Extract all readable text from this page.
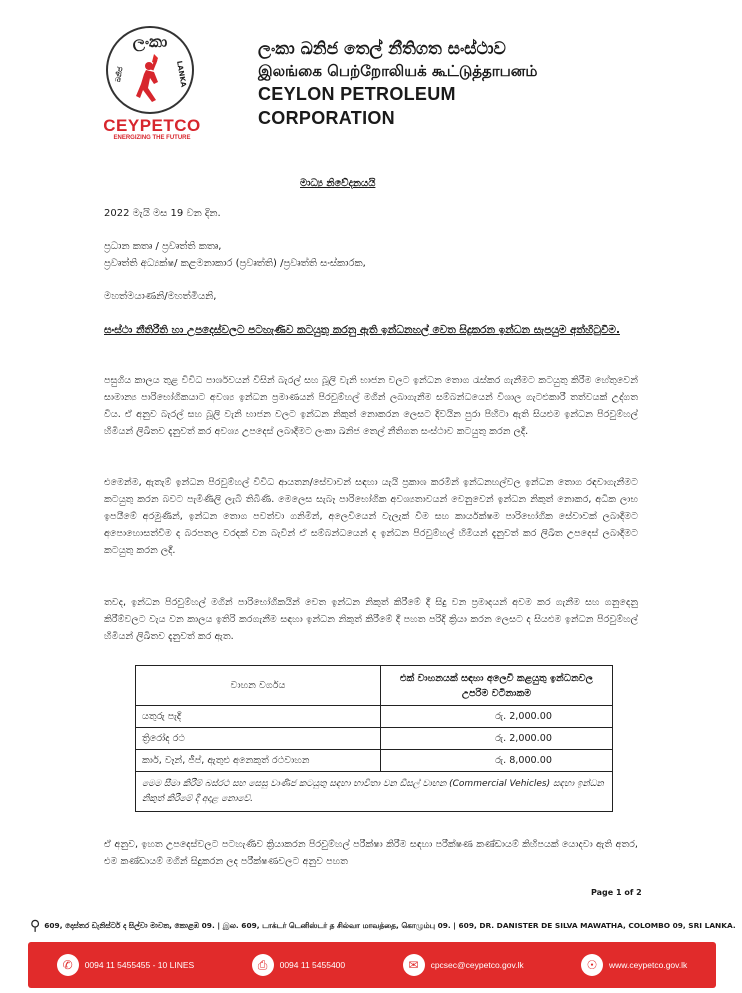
ලංකා
ඛනිජ	LANKA
CEYPETCO
ENERGIZING THE FUTURE
ලංකා ඛනිජ තෙල් නීතිගත සංස්ථාව
இலங்கை பெற்றோலியக் கூட்டுத்தாபனம்
CEYLON PETROLEUM CORPORATION
මාධ්‍ය නිවේදනයයි
2022 මැයි මස 19 වන දින.
ප්‍රධාන කතෘ / ප්‍රවෘත්ති කතෘ,
ප්‍රවෘත්ති අධ්‍යක්ෂ/ කළමනාකාර (ප්‍රවෘත්ති) /ප්‍රවෘත්ති සංස්කාරක,
මහත්මයාණනි/මහත්මියනි,
සංස්ථා නීතිරීති හා උපදෙස්වලට පටහැණිව කටයුතු කරනු ඇති ඉන්ධනහල් වෙත සිදුකරන ඉන්ධන සැපයුම අත්හිටුවීම.
පසුගිය කාලය තුළ විවිධ පාර්ශවයන් විසින් බැරල් සහ බූලි වැනි භාජන වලට ඉන්ධන තොග රැස්කර ගැනීමට කටයුතු කිරීම හේතුවෙන් සාමාන්‍ය පාරිභෝගිකයාට අවශ්‍ය ඉන්ධන ප්‍රමාණයන් පිරවුම්හල් මගින් ලබාගැනීම සම්බන්ධයෙන් විශාල ගැටළුකාරී තත්වයක් උද්ගත විය. ඒ අනුව බැරල් සහ බූලි වැනි භාජන වලට ඉන්ධන නිකුත් නොකරන ලෙසට දිවයින පුරා පිහිටා ඇති සියළුම ඉන්ධන පිරවුම්හල් හිමියන් ලිඛිතව දැනුවත් කර අවශ්‍ය උපදෙස් ලබාදීමට ලංකා ඛනිජ තෙල් නීතිගත සංස්ථාව කටයුතු කරන ලදී.
එමෙන්ම, ඇතැම් ඉන්ධන පිරවුම්හල් විවිධ ආයතන/සේවාවන් සඳහා යැයි ප්‍රකාශ කරමින් ඉන්ධනහල්වල ඉන්ධන තොග රඳවාගැනීමට කටයුතු කරන බවට පැමිණිලි ලැබී තිබිණි. මෙලෙස සැබෑ පාරිභෝගික අවශ්‍යතාවයන් වෙනුවෙන් ඉන්ධන නිකුත් නොකර, අධික ලාභ ඉපයීමේ අරමුණින්, ඉන්ධන තොග පවත්වා ගනිමින්, අලෙවියෙන් වැලැක් වීම සහ කාර්යක්ෂම පාරිභෝගික සේවාවක් ලබාදීමට අපොහොසත්වීම ද බරපතල වරදක් වන බැවින් ඒ සම්බන්ධයෙන් ද ඉන්ධන පිරවුම්හල් හිමියන් දැනුවත් කර ලිඛිත උපදෙස් ලබාදීමට කටයුතු කරන ලදී.
තවද, ඉන්ධන පිරවුම්හල් මගින් පාරිභෝගිකයින් වෙත ඉන්ධන නිකුත් කිරීමේ දී සිදු වන ප්‍රමාදයන් අවම කර ගැනීම සහ ගනුදෙනු කිරීම්වලට වැය වන කාලය ඉතිරි කරගැනීම සඳහා ඉන්ධන නිකුත් කිරීමේ දී පහත පරිදි ක්‍රියා කරන ලෙසට ද සියළුම ඉන්ධන පිරවුම්හල් හිමියන් ලිඛිතව දැනුවත් කර ඇත.
වාහන වර්ගය	එක් වාහනයක් සඳහා අලෙවි කළයුතු ඉන්ධනවල උපරිම වටිනාකම
යතුරු පැදි	රු. 2,000.00
ත්‍රිරෝද රථ	රු. 2,000.00
කාර්, වෑන්, ජීප්, ඇතුළු අනෙකුත් රථවාහන	රු. 8,000.00
මෙම සීමා කිරීම් බස්රථ සහ සෙසු වාණිජ කටයුතු සඳහා භාවිතා වන ඩීසල් වාහන (Commercial Vehicles) සඳහා ඉන්ධන නිකුත් කිරීමේ දී අදාළ නොවේ.	
ඒ අනුව, ඉහත උපදෙස්වලට පටහැණිව ක්‍රියාකරන පිරවුම්හල් පරීක්ෂා කිරීම සඳහා පරීක්ෂණ කණ්ඩායම් කිහිපයක් යොදවා ඇති අතර, එම කණ්ඩායම් මගින් සිදුකරන ලද පරීක්ෂණවලට අනුව පහත
Page 1 of 2
⚲ 609, දොස්තර ඩැනිස්ටර් ද සිල්වා මාවත, කොළඹ 09. | இல. 609, டாக்டர் டெனிஸ்டர் த சில்வா மாவத்தை, கொழும்பு 09. | 609, DR. DANISTER DE SILVA MAWATHA, COLOMBO 09, SRI LANKA.
✆	0094 11 5455455 - 10 LINES	⎙	0094 11 5455400	✉	cpcsec@ceypetco.gov.lk	☉	www.ceypetco.gov.lk
